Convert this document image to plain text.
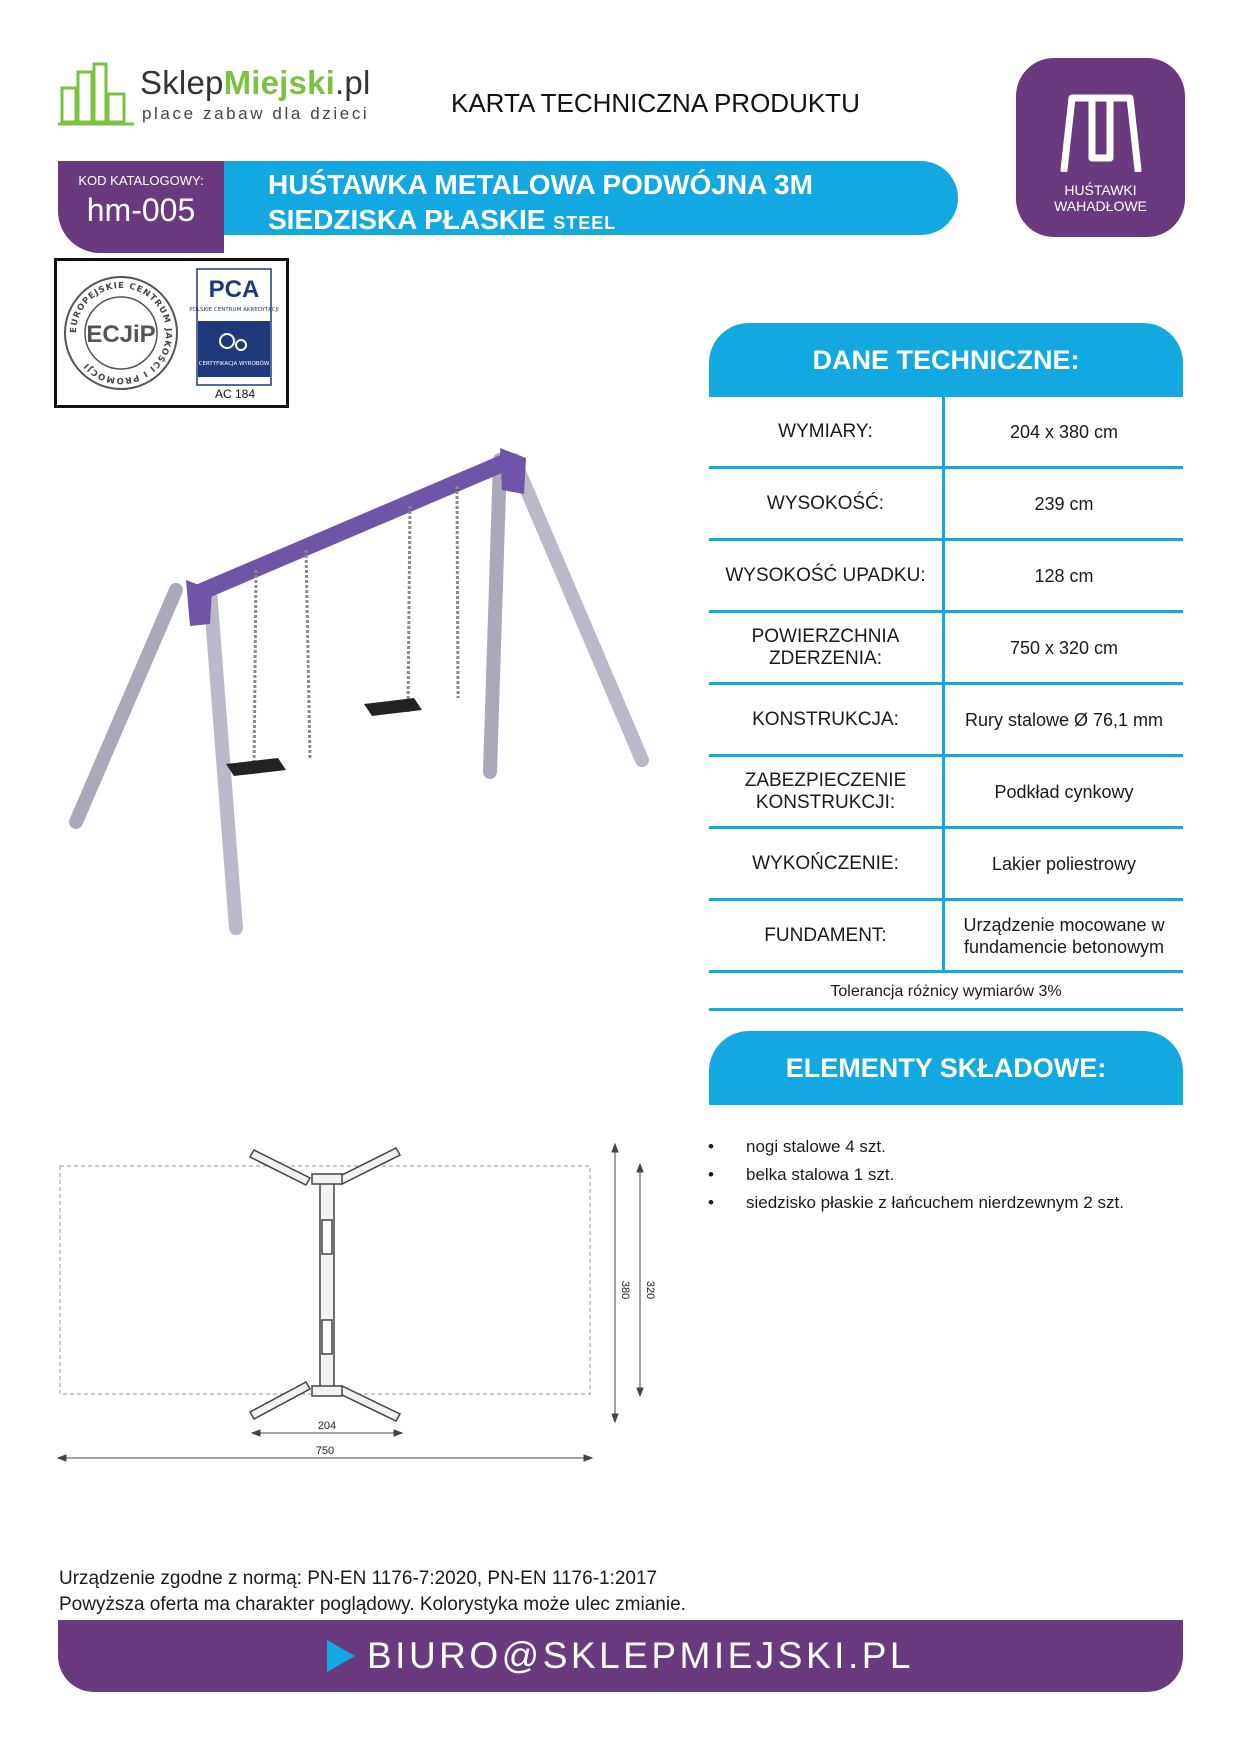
SklepMiejski.pl
place zabaw dla dzieci	KARTA TECHNICZNA PRODUKTU
HUŚTAWKI
WAHADŁOWE
HUŚTAWKA METALOWA PODWÓJNA 3M
SIEDZISKA PŁASKIE STEEL
KOD KATALOGOWY:
hm-005
EUROPEJSKIE CENTRUM JAKOŚCI I PROMOCJI
ECJiP
PCA
POLSKIE CENTRUM AKREDYTACJI
CERTYFIKACJA WYROBÓW
AC 184
DANE TECHNICZNE:
WYMIARY:	204 x 380 cm
WYSOKOŚĆ:	239 cm
WYSOKOŚĆ UPADKU:	128 cm
POWIERZCHNIA ZDERZENIA:	750 x 320 cm
KONSTRUKCJA:	Rury stalowe Ø 76,1 mm
ZABEZPIECZENIE KONSTRUKCJI:	Podkład cynkowy
WYKOŃCZENIE:	Lakier poliestrowy
FUNDAMENT:	Urządzenie mocowane w fundamencie betonowym
Tolerancja różnicy wymiarów 3%
ELEMENTY SKŁADOWE:
• nogi stalowe 4 szt.
• belka stalowa 1 szt.
• siedzisko płaskie z łańcuchem nierdzewnym 2 szt.
380 320
204
750
Urządzenie zgodne z normą: PN-EN 1176-7:2020, PN-EN 1176-1:2017
Powyższa oferta ma charakter poglądowy. Kolorystyka może ulec zmianie.
BIURO@SKLEPMIEJSKI.PL
